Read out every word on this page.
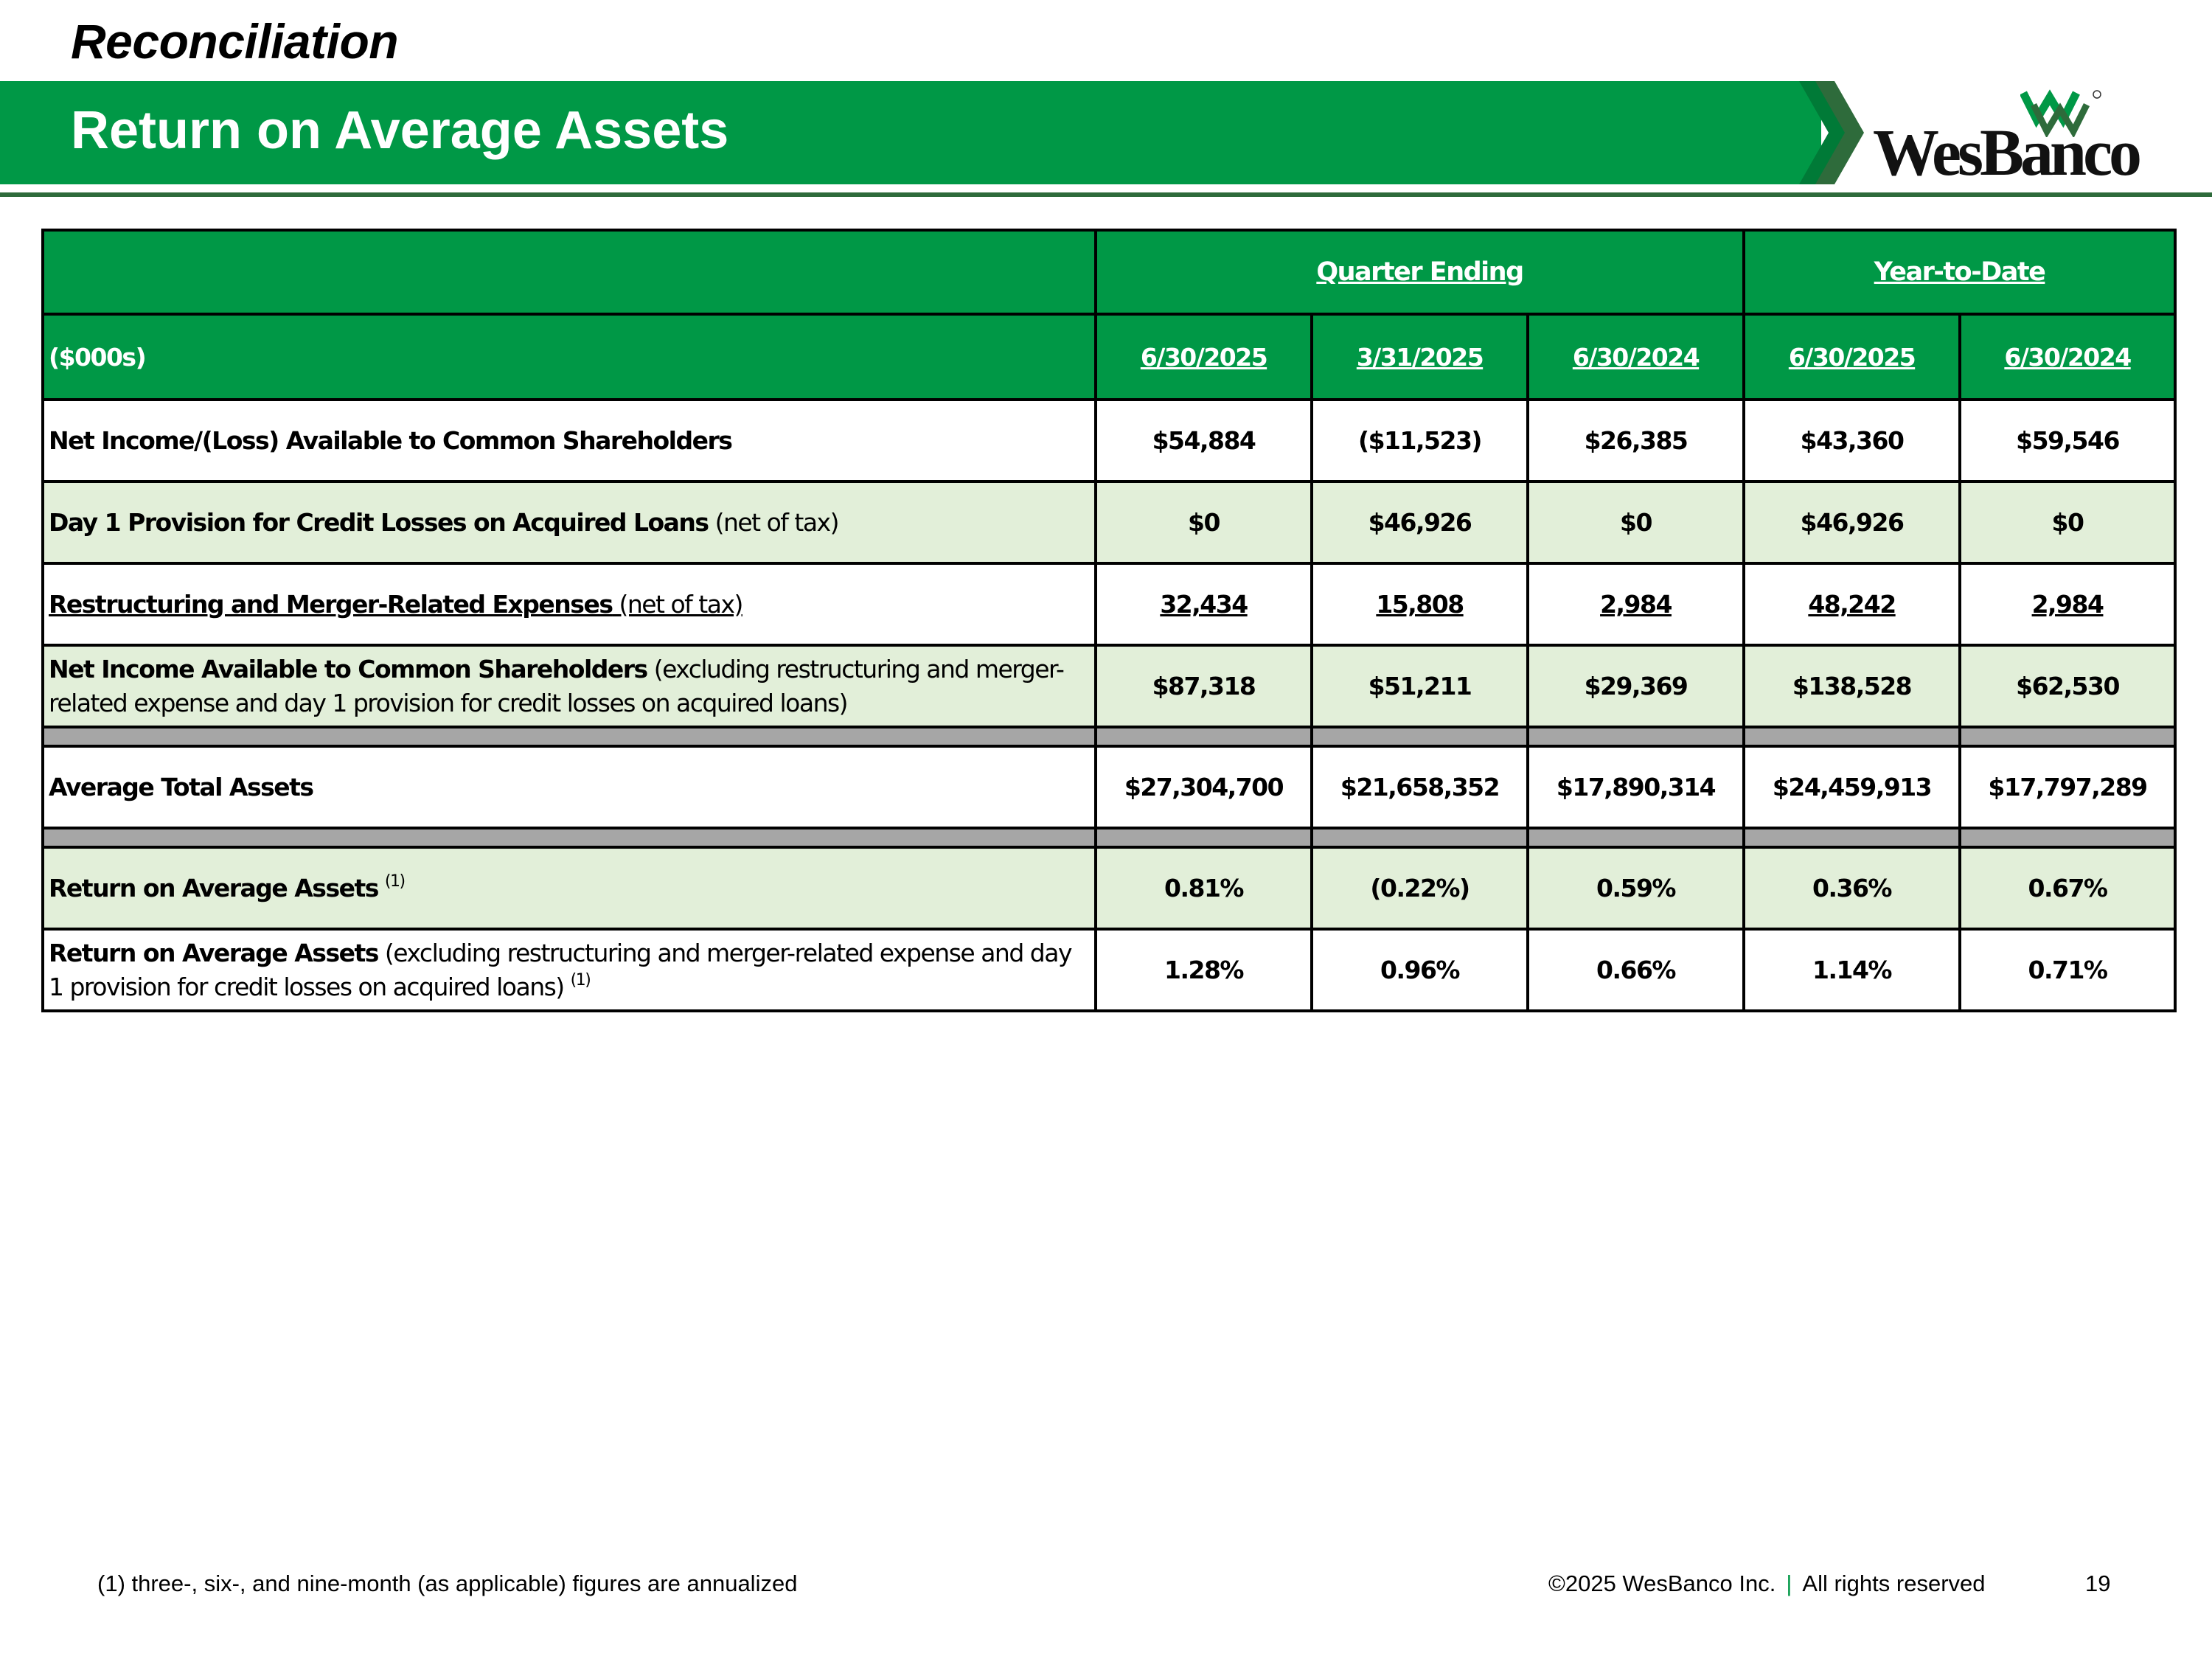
Reconciliation
Return on Average Assets	WesBanco
	Quarter Ending			Year-to-Date	
($000s)	6/30/2025	3/31/2025	6/30/2024	6/30/2025	6/30/2024
Net Income/(Loss) Available to Common Shareholders	$54,884	($11,523)	$26,385	$43,360	$59,546
Day 1 Provision for Credit Losses on Acquired Loans (net of tax)	$0	$46,926	$0	$46,926	$0
Restructuring and Merger-Related Expenses (net of tax)	32,434	15,808	2,984	48,242	2,984
Net Income Available to Common Shareholders (excluding restructuring and merger-related expense and day 1 provision for credit losses on acquired loans)	$87,318	$51,211	$29,369	$138,528	$62,530

Average Total Assets	$27,304,700	$21,658,352	$17,890,314	$24,459,913	$17,797,289

Return on Average Assets $^{(1)}$	0.81%	(0.22%)	0.59%	0.36%	0.67%
Return on Average Assets (excluding restructuring and merger-related expense and day 1 provision for credit losses on acquired loans) $^{(1)}$	1.28%	0.96%	0.66%	1.14%	0.71%
(1) three-, six-, and nine-month (as applicable) figures are annualized	©2025 WesBanco Inc. | All rights reserved	19
